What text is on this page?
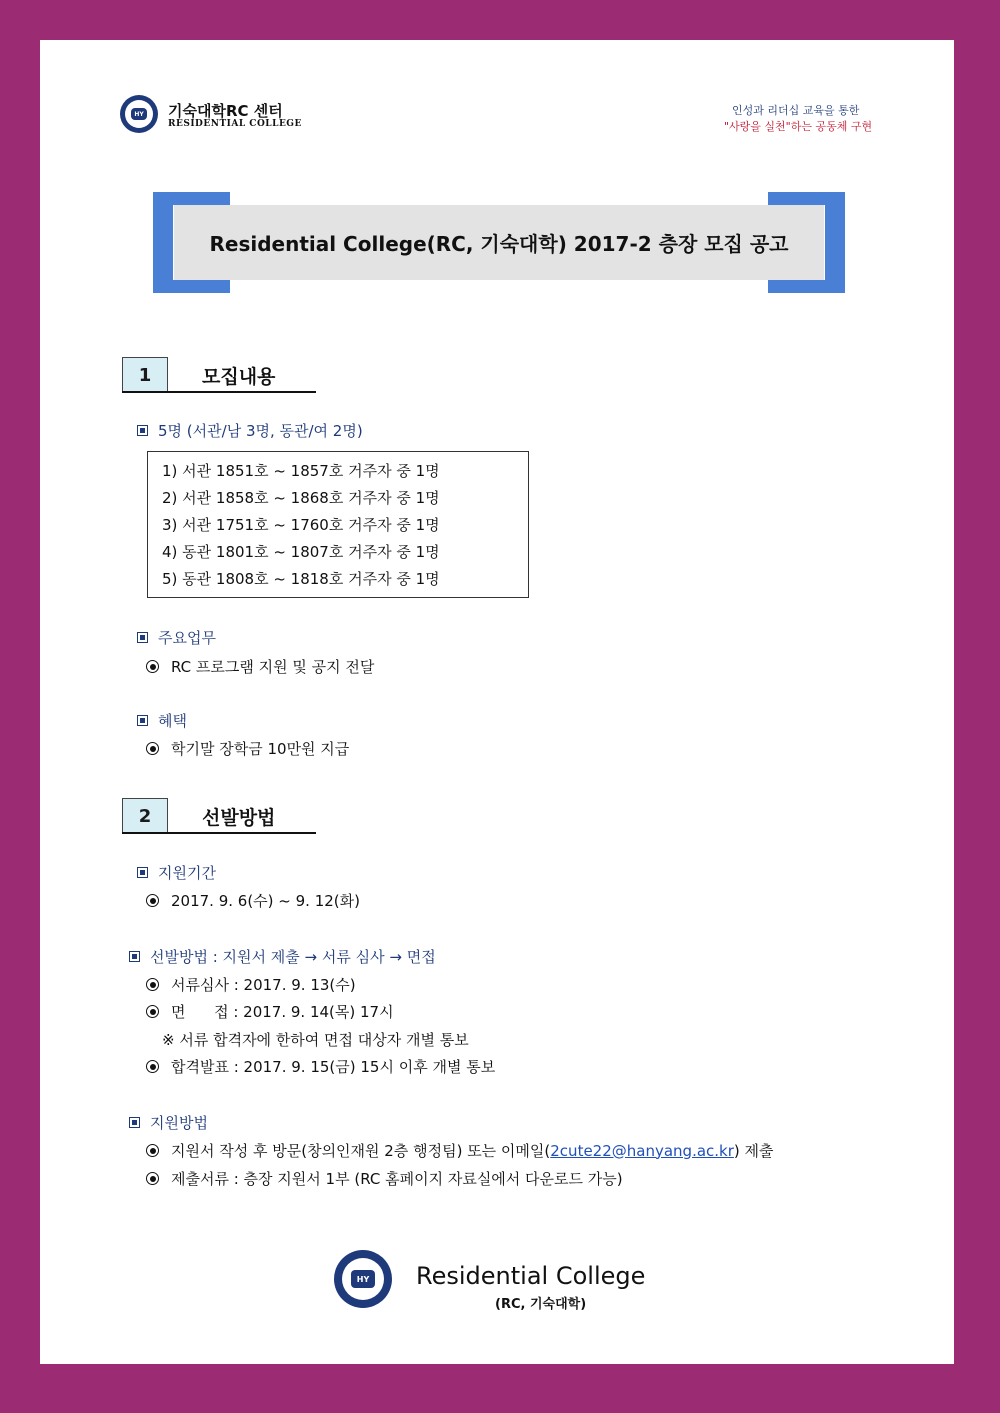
HY 기숙대학RC 센터
RESIDENTIAL COLLEGE
인성과 리더십 교육을 통한
"사랑을 실천"하는 공동체 구현
Residential College(RC, 기숙대학) 2017-2 층장 모집 공고
1	모집내용
5명 (서관/남 3명, 동관/여 2명)
1) 서관 1851호 ~ 1857호 거주자 중 1명
2) 서관 1858호 ~ 1868호 거주자 중 1명
3) 서관 1751호 ~ 1760호 거주자 중 1명
4) 동관 1801호 ~ 1807호 거주자 중 1명
5) 동관 1808호 ~ 1818호 거주자 중 1명
주요업무
RC 프로그램 지원 및 공지 전달
혜택
학기말 장학금 10만원 지급
2	선발방법
지원기간
2017. 9. 6(수) ~ 9. 12(화)
선발방법 : 지원서 제출 → 서류 심사 → 면접
서류심사 : 2017. 9. 13(수)
면      접 : 2017. 9. 14(목) 17시
※ 서류 합격자에 한하여 면접 대상자 개별 통보
합격발표 : 2017. 9. 15(금) 15시 이후 개별 통보
지원방법
지원서 작성 후 방문(창의인재원 2층 행정팀) 또는 이메일( 2cute22@hanyang.ac.kr ) 제출
제출서류 : 층장 지원서 1부 (RC 홈페이지 자료실에서 다운로드 가능)
HY Residential College
(RC, 기숙대학)
